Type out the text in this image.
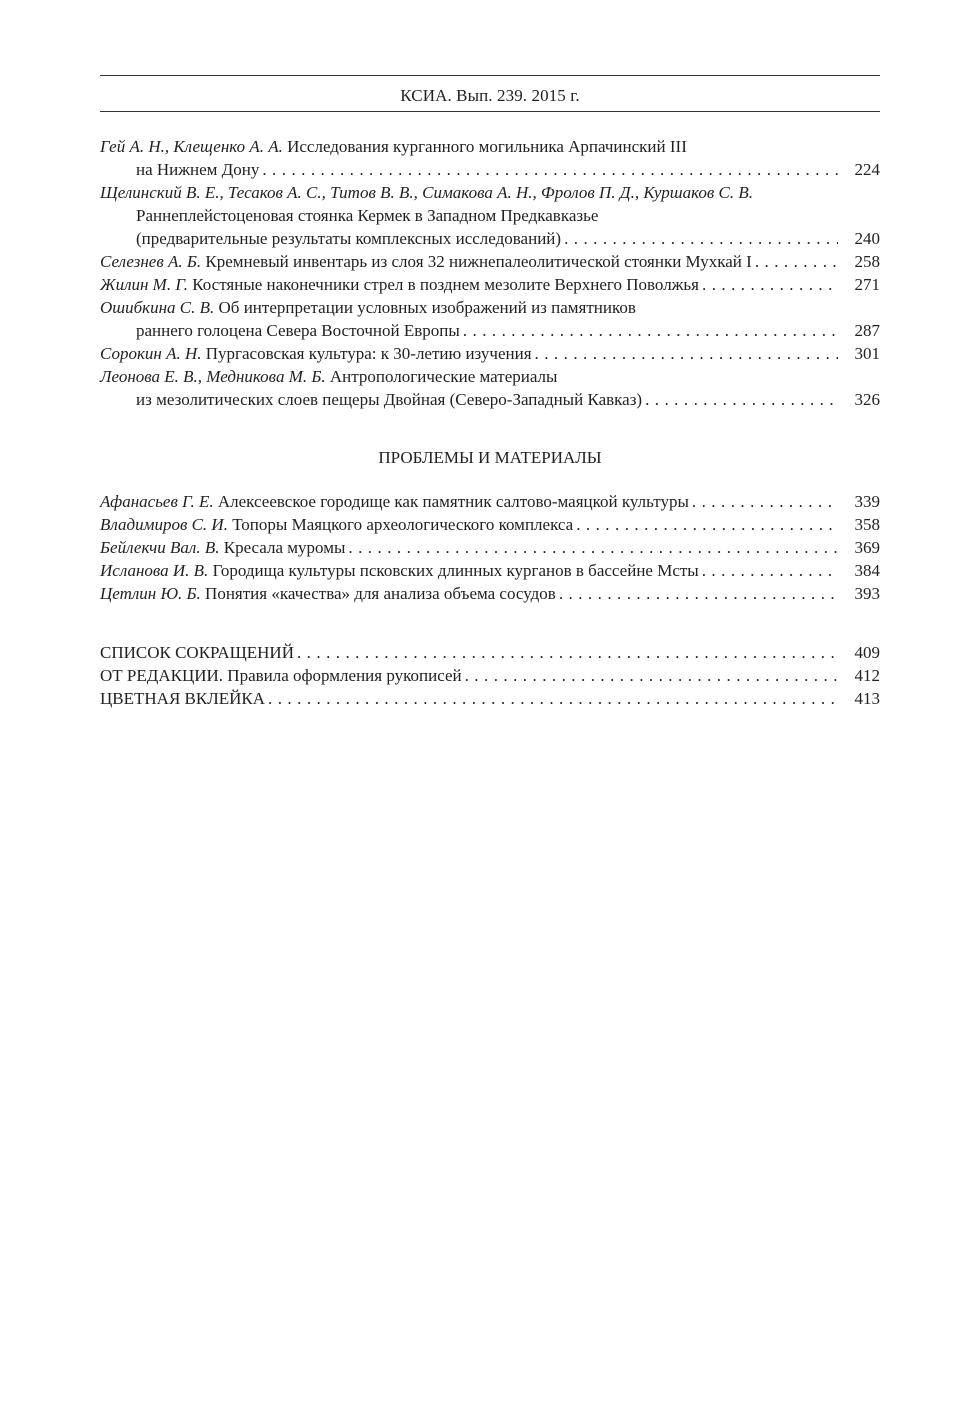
КСИА. Вып. 239. 2015 г.
Гей А. Н., Клещенко А. А.
Исследования курганного могильника Арпачинский III
на Нижнем Дону . . .	224
Щелинский В. Е., Тесаков А. С., Титов В. В., Симакова А. Н., Фролов П. Д., Куршаков С. В.
Раннеплейстоценовая стоянка Кермек в Западном Предкавказье
(предварительные результаты комплексных исследований) . . .	240
Селезнев А. Б.
Кремневый инвентарь из слоя 32 нижнепалеолитической стоянки Мухкай I . . .	258
Жилин М. Г.
Костяные наконечники стрел в позднем мезолите Верхнего Поволжья . . .	271
Ошибкина С. В.
Об интерпретации условных изображений из памятников
раннего голоцена Севера Восточной Европы . . .	287
Сорокин А. Н.
Пургасовская культура: к 30-летию изучения . . .	301
Леонова Е. В., Медникова М. Б.
Антропологические материалы
из мезолитических слоев пещеры Двойная (Северо-Западный Кавказ) . . .	326
ПРОБЛЕМЫ И МАТЕРИАЛЫ
Афанасьев Г. Е.
Алексеевское городище как памятник салтово-маяцкой культуры . . .	339
Владимиров С. И.
Топоры Маяцкого археологического комплекса . . .	358
Бейлекчи Вал. В.
Кресала муромы . . .	369
Исланова И. В.
Городища культуры псковских длинных курганов в бассейне Мсты . . .	384
Цетлин Ю. Б.
Понятия «качества» для анализа объема сосудов . . .	393
СПИСОК СОКРАЩЕНИЙ . . .	409
ОТ РЕДАКЦИИ. Правила оформления рукописей . . .	412
ЦВЕТНАЯ ВКЛЕЙКА . . .	413
